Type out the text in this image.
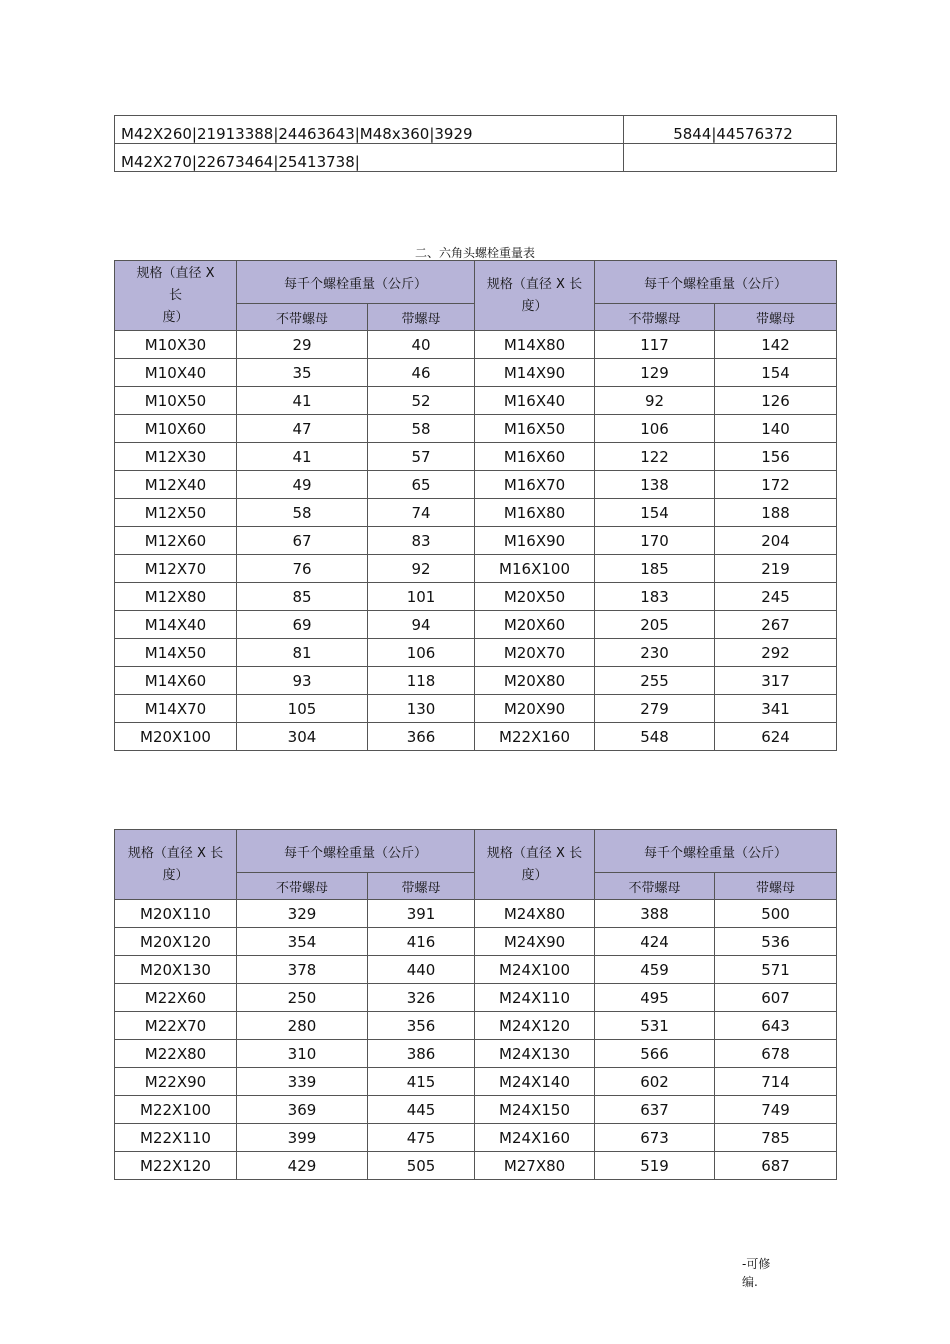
M42X260|21913388|24463643|M48x360|3929	5844|44576372
M42X270|22673464|25413738|	
二、六角头螺栓重量表
规格（直径 X
长
度）	每千个螺栓重量（公斤）		规格（直径 X 长
度）	每千个螺栓重量（公斤）	
	不带螺母	带螺母		不带螺母	带螺母
M10X30	29	40	M14X80	117	142
M10X40	35	46	M14X90	129	154
M10X50	41	52	M16X40	92	126
M10X60	47	58	M16X50	106	140
M12X30	41	57	M16X60	122	156
M12X40	49	65	M16X70	138	172
M12X50	58	74	M16X80	154	188
M12X60	67	83	M16X90	170	204
M12X70	76	92	M16X100	185	219
M12X80	85	101	M20X50	183	245
M14X40	69	94	M20X60	205	267
M14X50	81	106	M20X70	230	292
M14X60	93	118	M20X80	255	317
M14X70	105	130	M20X90	279	341
M20X100	304	366	M22X160	548	624
规格（直径 X 长
度）	每千个螺栓重量（公斤）		规格（直径 X 长
度）	每千个螺栓重量（公斤）	
	不带螺母	带螺母		不带螺母	带螺母
M20X110	329	391	M24X80	388	500
M20X120	354	416	M24X90	424	536
M20X130	378	440	M24X100	459	571
M22X60	250	326	M24X110	495	607
M22X70	280	356	M24X120	531	643
M22X80	310	386	M24X130	566	678
M22X90	339	415	M24X140	602	714
M22X100	369	445	M24X150	637	749
M22X110	399	475	M24X160	673	785
M22X120	429	505	M27X80	519	687
-可修
编.
